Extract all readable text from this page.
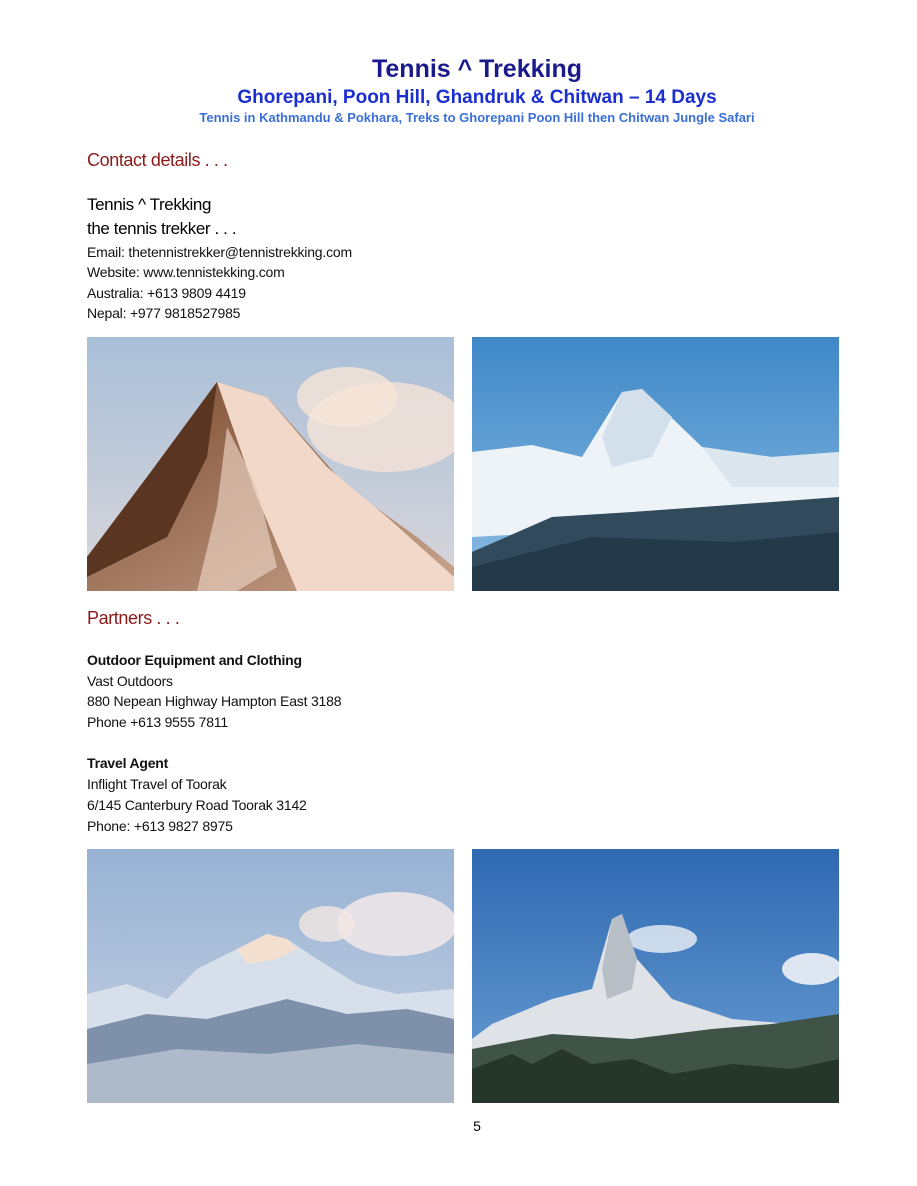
Tennis ^ Trekking
Ghorepani, Poon Hill, Ghandruk & Chitwan – 14 Days
Tennis in Kathmandu & Pokhara, Treks to Ghorepani Poon Hill then Chitwan Jungle Safari
Contact details . . .
Tennis ^ Trekking
the tennis trekker . . .
Email: thetennistrekker@tennistrekking.com
Website: www.tennistekking.com
Australia: +613 9809 4419
Nepal: +977 9818527985
Partners . . .
Outdoor Equipment and Clothing
Vast Outdoors
880 Nepean Highway Hampton East 3188
Phone +613 9555 7811
Travel Agent
Inflight Travel of Toorak
6/145 Canterbury Road Toorak 3142
Phone: +613 9827 8975
5
